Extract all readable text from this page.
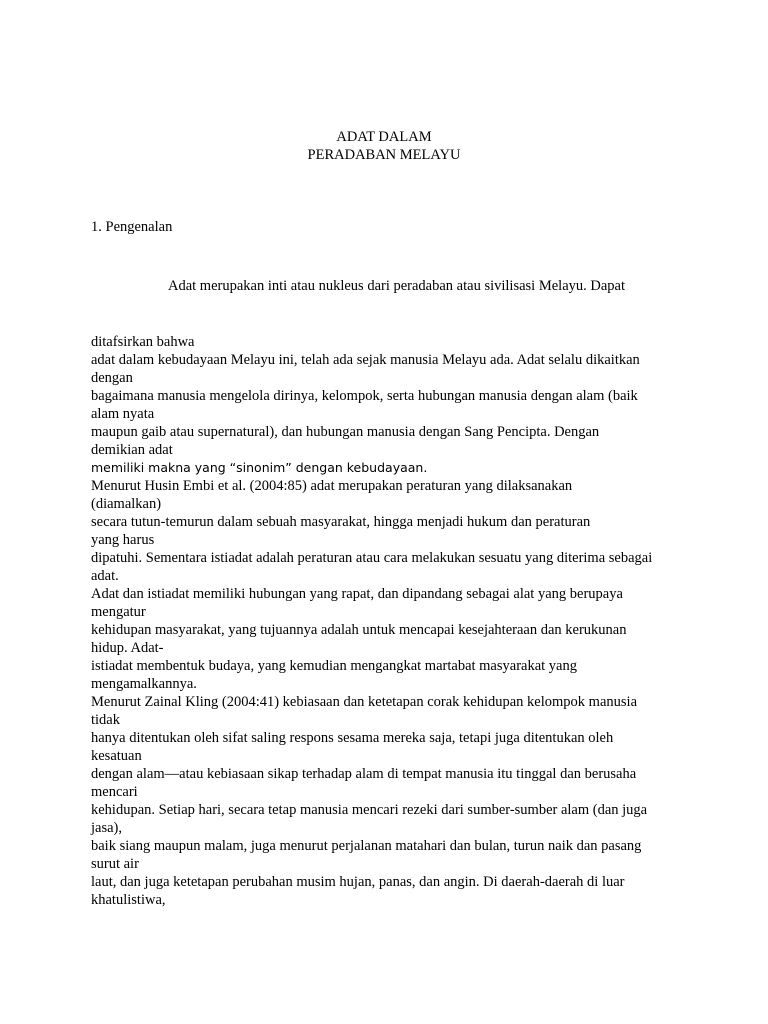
ADAT DALAM
PERADABAN MELAYU
1. Pengenalan
Adat merupakan inti atau nukleus dari peradaban atau sivilisasi Melayu. Dapat
ditafsirkan bahwa
adat dalam kebudayaan Melayu ini, telah ada sejak manusia Melayu ada. Adat selalu dikaitkan
dengan
bagaimana manusia mengelola dirinya, kelompok, serta hubungan manusia dengan alam (baik
alam nyata
maupun gaib atau supernatural), dan hubungan manusia dengan Sang Pencipta. Dengan
demikian adat
memiliki makna yang “sinonim” dengan kebudayaan.
Menurut Husin Embi et al. (2004:85) adat merupakan peraturan yang dilaksanakan
(diamalkan)
secara tutun-temurun dalam sebuah masyarakat, hingga menjadi hukum dan peraturan
yang harus
dipatuhi. Sementara istiadat adalah peraturan atau cara melakukan sesuatu yang diterima sebagai
adat.
Adat dan istiadat memiliki hubungan yang rapat, dan dipandang sebagai alat yang berupaya
mengatur
kehidupan masyarakat, yang tujuannya adalah untuk mencapai kesejahteraan dan kerukunan
hidup. Adat-
istiadat membentuk budaya, yang kemudian mengangkat martabat masyarakat yang
mengamalkannya.
Menurut Zainal Kling (2004:41) kebiasaan dan ketetapan corak kehidupan kelompok manusia
tidak
hanya ditentukan oleh sifat saling respons sesama mereka saja, tetapi juga ditentukan oleh
kesatuan
dengan alam—atau kebiasaan sikap terhadap alam di tempat manusia itu tinggal dan berusaha
mencari
kehidupan. Setiap hari, secara tetap manusia mencari rezeki dari sumber-sumber alam (dan juga
jasa),
baik siang maupun malam, juga menurut perjalanan matahari dan bulan, turun naik dan pasang
surut air
laut, dan juga ketetapan perubahan musim hujan, panas, dan angin. Di daerah-daerah di luar
khatulistiwa,
